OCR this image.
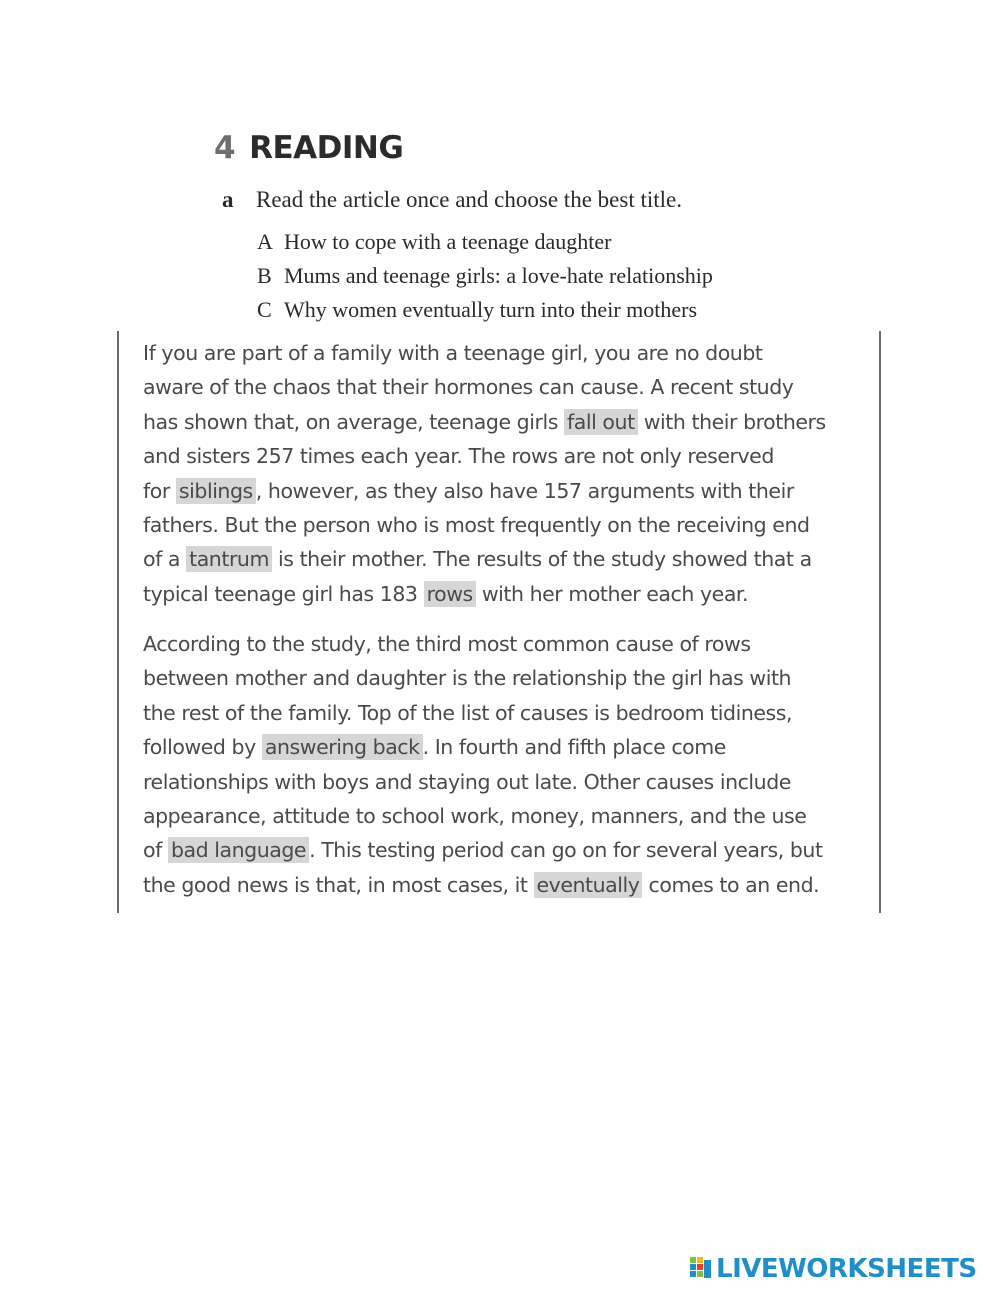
4 READING
a Read the article once and choose the best title.
A How to cope with a teenage daughter
B Mums and teenage girls: a love-hate relationship
C Why women eventually turn into their mothers
If you are part of a family with a teenage girl, you are no doubt
aware of the chaos that their hormones can cause. A recent study
has shown that, on average, teenage girls fall out with their brothers
and sisters 257 times each year. The rows are not only reserved
for siblings , however, as they also have 157 arguments with their
fathers. But the person who is most frequently on the receiving end
of a tantrum is their mother. The results of the study showed that a
typical teenage girl has 183 rows with her mother each year.
According to the study, the third most common cause of rows
between mother and daughter is the relationship the girl has with
the rest of the family. Top of the list of causes is bedroom tidiness,
followed by answering back . In fourth and fifth place come
relationships with boys and staying out late. Other causes include
appearance, attitude to school work, money, manners, and the use
of bad language . This testing period can go on for several years, but
the good news is that, in most cases, it eventually comes to an end.
LIVEWORKSHEETS
